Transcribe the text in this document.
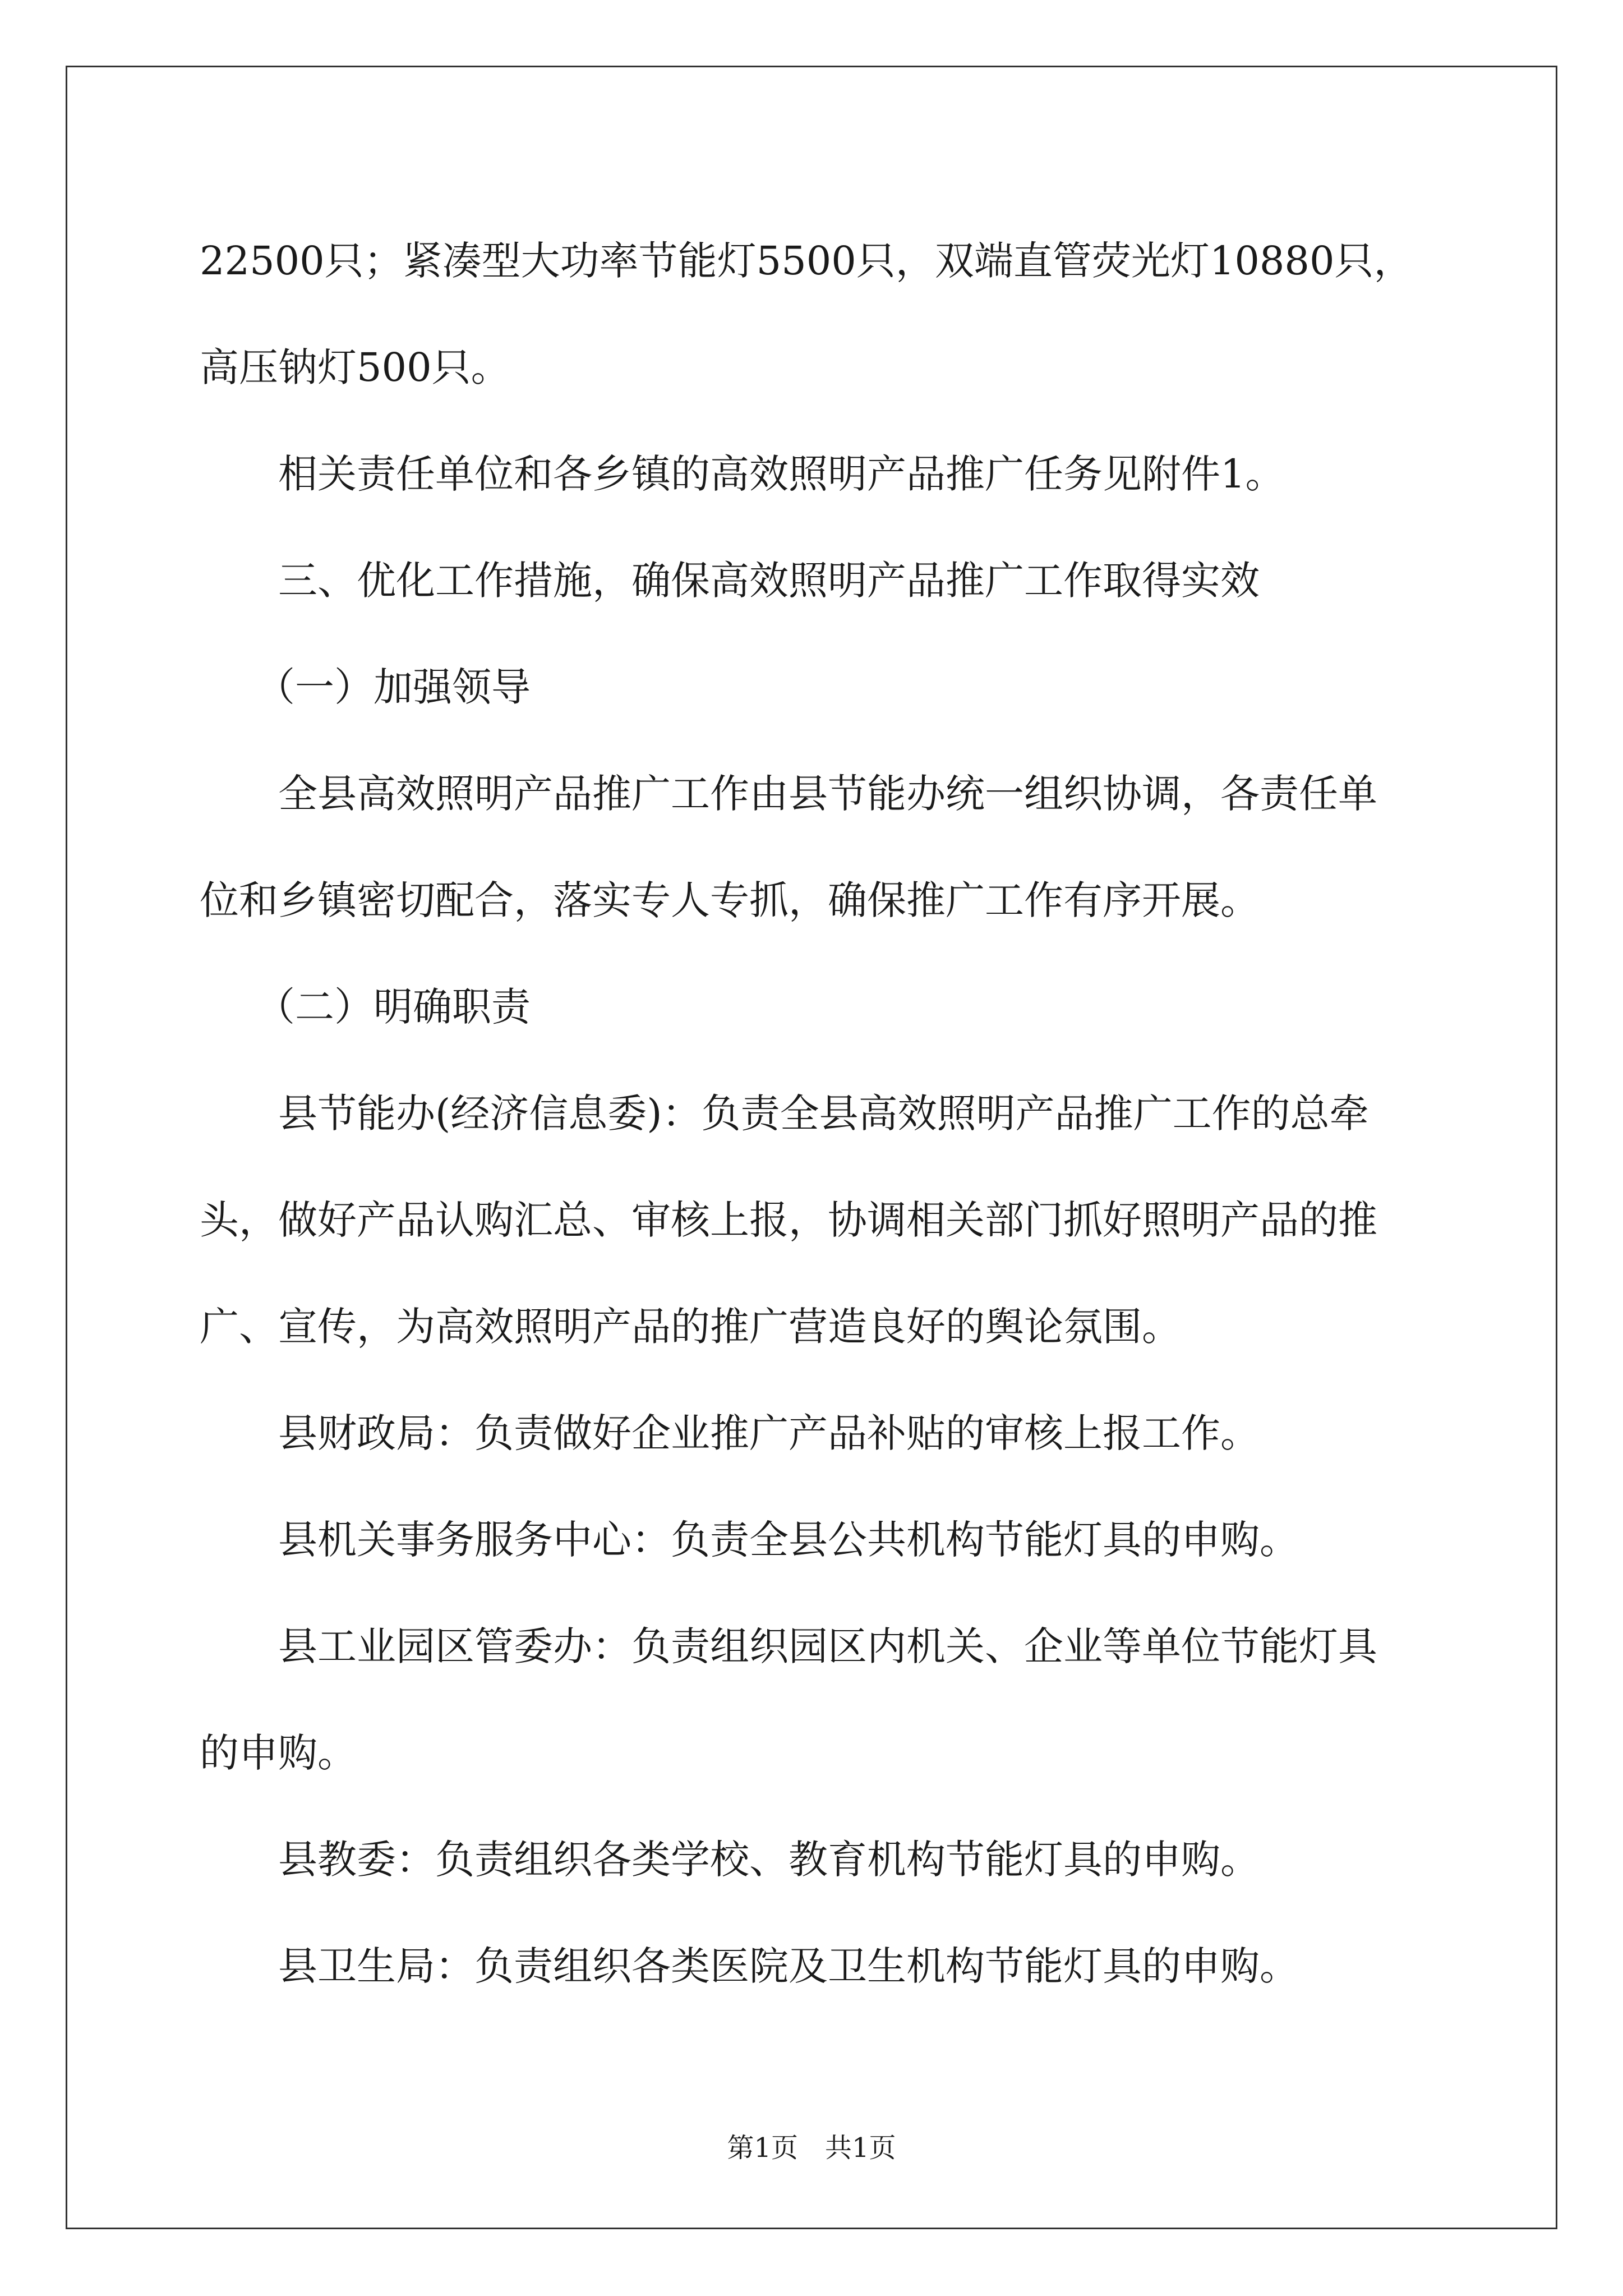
22500只；紧凑型大功率节能灯5500只，双端直管荧光灯10880只，

高压钠灯500只。

相关责任单位和各乡镇的高效照明产品推广任务见附件1。

三、优化工作措施，确保高效照明产品推广工作取得实效

（一）加强领导

全县高效照明产品推广工作由县节能办统一组织协调，各责任单

位和乡镇密切配合，落实专人专抓，确保推广工作有序开展。

（二）明确职责

县节能办(经济信息委)：负责全县高效照明产品推广工作的总牵

头，做好产品认购汇总、审核上报，协调相关部门抓好照明产品的推

广、宣传，为高效照明产品的推广营造良好的舆论氛围。

县财政局：负责做好企业推广产品补贴的审核上报工作。

县机关事务服务中心：负责全县公共机构节能灯具的申购。

县工业园区管委办：负责组织园区内机关、企业等单位节能灯具

的申购。

县教委：负责组织各类学校、教育机构节能灯具的申购。

县卫生局：负责组织各类医院及卫生机构节能灯具的申购。

第1页　共1页
